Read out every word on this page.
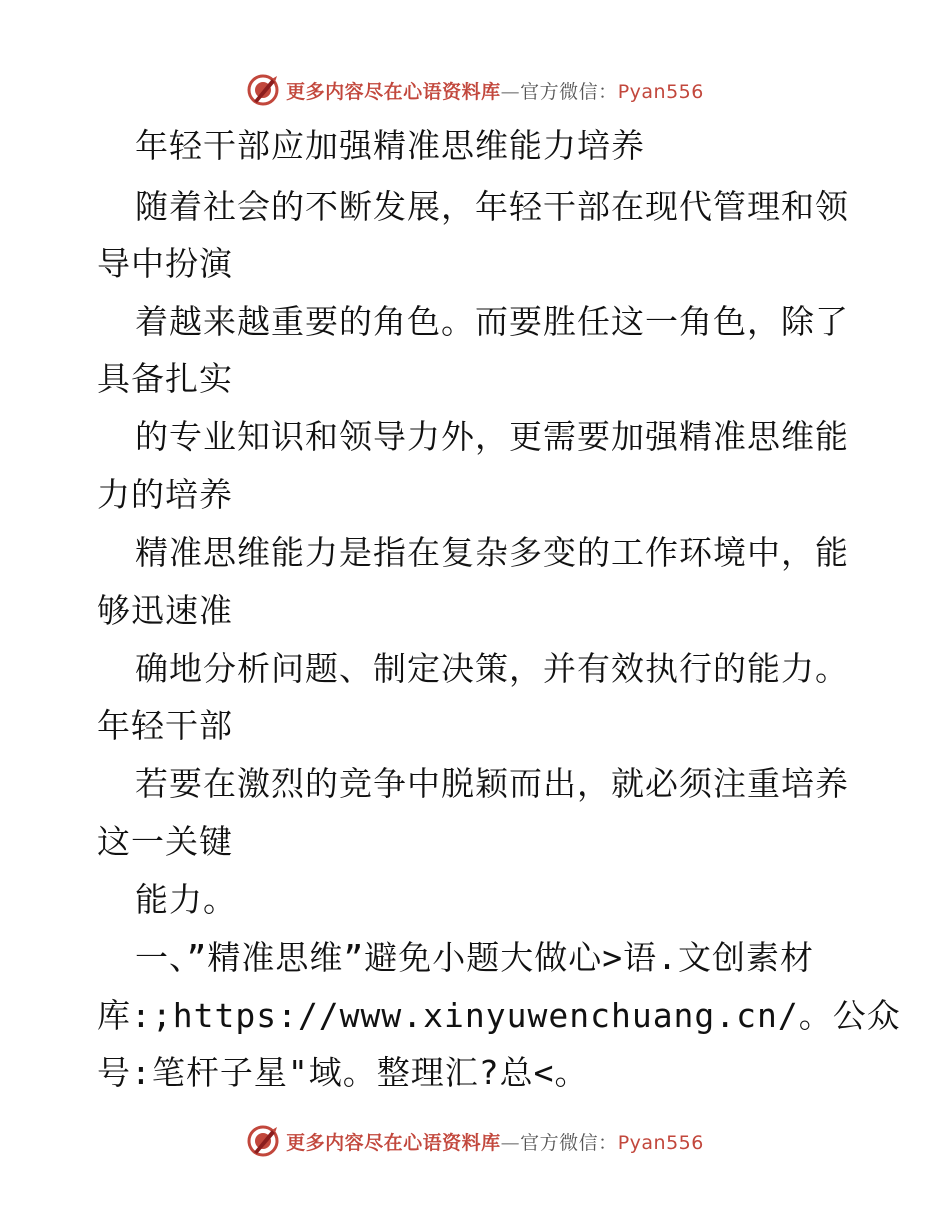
更多内容尽在心语资料库—官方微信：Pyan556
年轻干部应加强精准思维能力培养
随着社会的不断发展，年轻干部在现代管理和领
导中扮演
着越来越重要的角色。而要胜任这一角色，除了
具备扎实
的专业知识和领导力外，更需要加强精准思维能
力的培养
精准思维能力是指在复杂多变的工作环境中，能
够迅速准
确地分析问题、制定决策，并有效执行的能力。
年轻干部
若要在激烈的竞争中脱颖而出，就必须注重培养
这一关键
能力。
一、”精准思维”避免小题大做心>语.文创素材
库:;https://www.xinyuwenchuang.cn/。公众
号:笔杆子星"域。整理汇?总<。
更多内容尽在心语资料库—官方微信：Pyan556
